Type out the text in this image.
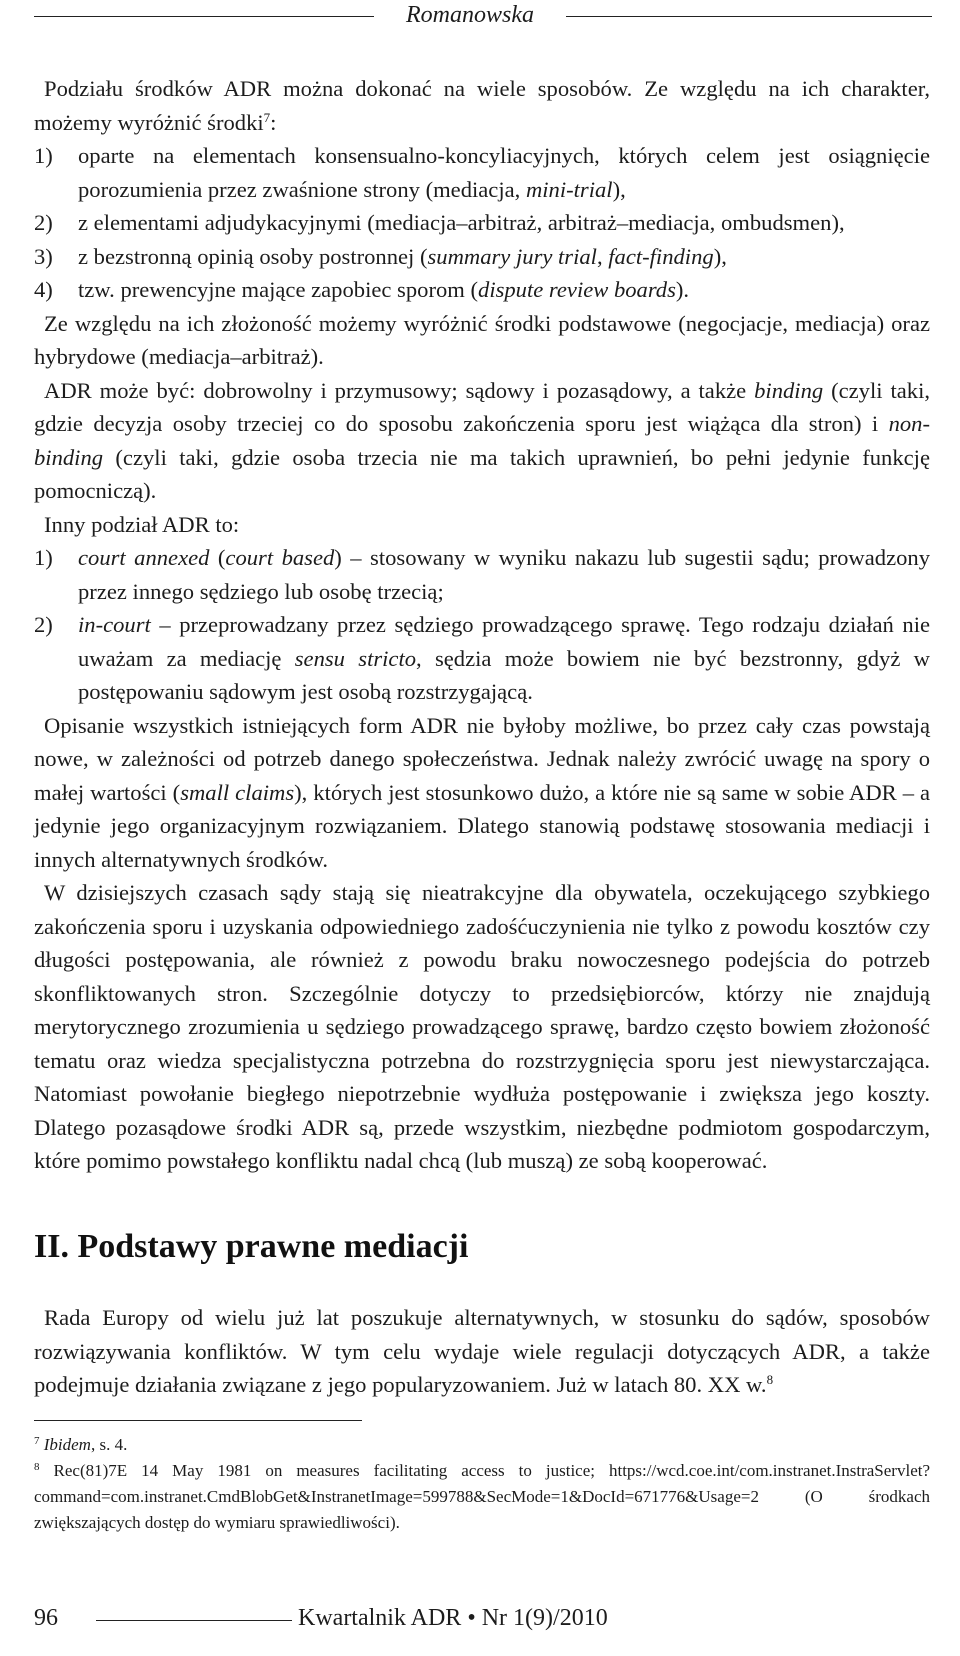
Romanowska

Podziału środków ADR można dokonać na wiele sposobów. Ze względu na ich charakter, możemy wyróżnić środki$^7$:

1)	oparte na elementach konsensualno-koncyliacyjnych, których celem jest osiągnięcie porozumienia przez zwaśnione strony (mediacja, mini-trial),
2)	z elementami adjudykacyjnymi (mediacja–arbitraż, arbitraż–mediacja, ombudsmen),
3)	z bezstronną opinią osoby postronnej (summary jury trial, fact-finding),
4)	tzw. prewencyjne mające zapobiec sporom (dispute review boards).

Ze względu na ich złożoność możemy wyróżnić środki podstawowe (negocjacje, mediacja) oraz hybrydowe (mediacja–arbitraż).

ADR może być: dobrowolny i przymusowy; sądowy i pozasądowy, a także binding (czyli taki, gdzie decyzja osoby trzeciej co do sposobu zakończenia sporu jest wiążąca dla stron) i non-binding (czyli taki, gdzie osoba trzecia nie ma takich uprawnień, bo pełni jedynie funkcję pomocniczą).

Inny podział ADR to:

1)	court annexed (court based) – stosowany w wyniku nakazu lub sugestii sądu; prowadzony przez innego sędziego lub osobę trzecią;
2)	in-court – przeprowadzany przez sędziego prowadzącego sprawę. Tego rodzaju działań nie uważam za mediację sensu stricto, sędzia może bowiem nie być bezstronny, gdyż w postępowaniu sądowym jest osobą rozstrzygającą.

Opisanie wszystkich istniejących form ADR nie byłoby możliwe, bo przez cały czas powstają nowe, w zależności od potrzeb danego społeczeństwa. Jednak należy zwrócić uwagę na spory o małej wartości (small claims), których jest stosunkowo dużo, a które nie są same w sobie ADR – a jedynie jego organizacyjnym rozwiązaniem. Dlatego stanowią podstawę stosowania mediacji i innych alternatywnych środków.

W dzisiejszych czasach sądy stają się nieatrakcyjne dla obywatela, oczekującego szybkiego zakończenia sporu i uzyskania odpowiedniego zadośćuczynienia nie tylko z powodu kosztów czy długości postępowania, ale również z powodu braku nowoczesnego podejścia do potrzeb skonfliktowanych stron. Szczególnie dotyczy to przedsiębiorców, którzy nie znajdują merytorycznego zrozumienia u sędziego prowadzącego sprawę, bardzo często bowiem złożoność tematu oraz wiedza specjalistyczna potrzebna do rozstrzygnięcia sporu jest niewystarczająca. Natomiast powołanie biegłego niepotrzebnie wydłuża postępowanie i zwiększa jego koszty. Dlatego pozasądowe środki ADR są, przede wszystkim, niezbędne podmiotom gospodarczym, które pomimo powstałego konfliktu nadal chcą (lub muszą) ze sobą kooperować.

II. Podstawy prawne mediacji

Rada Europy od wielu już lat poszukuje alternatywnych, w stosunku do sądów, sposobów rozwiązywania konfliktów. W tym celu wydaje wiele regulacji dotyczących ADR, a także podejmuje działania związane z jego popularyzowaniem. Już w latach 80. XX w.$^8$

$^7$ Ibidem, s. 4.

$^8$ Rec(81)7E 14 May 1981 on measures facilitating access to justice; https://wcd.coe.int/com.instranet.InstraServlet?command=com.instranet.CmdBlobGet&InstranetImage=599788&SecMode=1&DocId=671776&Usage=2 (O środkach zwiększających dostęp do wymiaru sprawiedliwości).

96	Kwartalnik ADR • Nr 1(9)/2010
